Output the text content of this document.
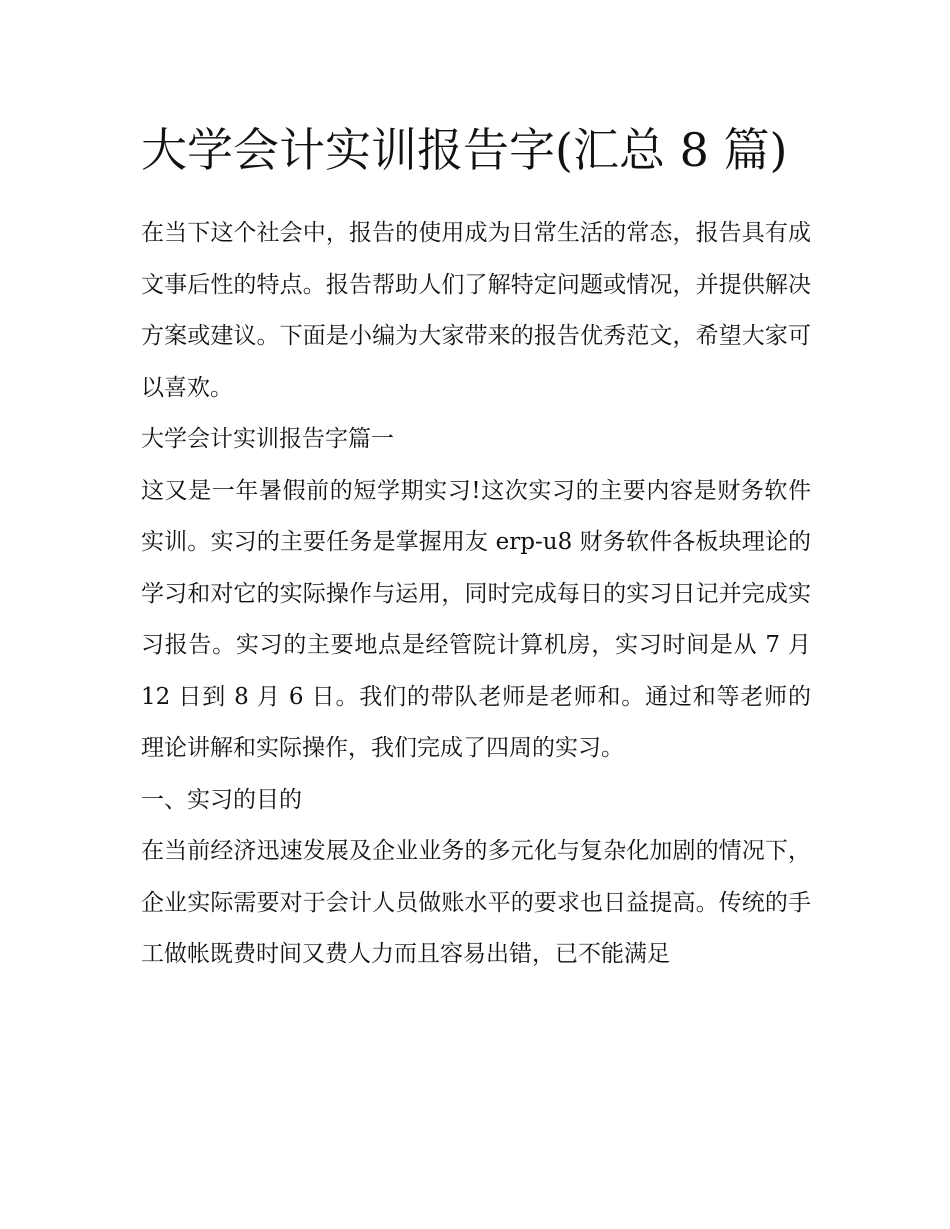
大学会计实训报告字(汇总 8 篇)

在当下这个社会中，报告的使用成为日常生活的常态，报告具有成文事后性的特点。报告帮助人们了解特定问题或情况，并提供解决方案或建议。下面是小编为大家带来的报告优秀范文，希望大家可以喜欢。

大学会计实训报告字篇一

这又是一年暑假前的短学期实习!这次实习的主要内容是财务软件实训。实习的主要任务是掌握用友 erp-u8 财务软件各板块理论的学习和对它的实际操作与运用，同时完成每日的实习日记并完成实习报告。实习的主要地点是经管院计算机房，实习时间是从 7 月 12 日到 8 月 6 日。我们的带队老师是老师和。通过和等老师的理论讲解和实际操作，我们完成了四周的实习。

一、实习的目的

在当前经济迅速发展及企业业务的多元化与复杂化加剧的情况下，企业实际需要对于会计人员做账水平的要求也日益提高。传统的手工做帐既费时间又费人力而且容易出错，已不能满足
